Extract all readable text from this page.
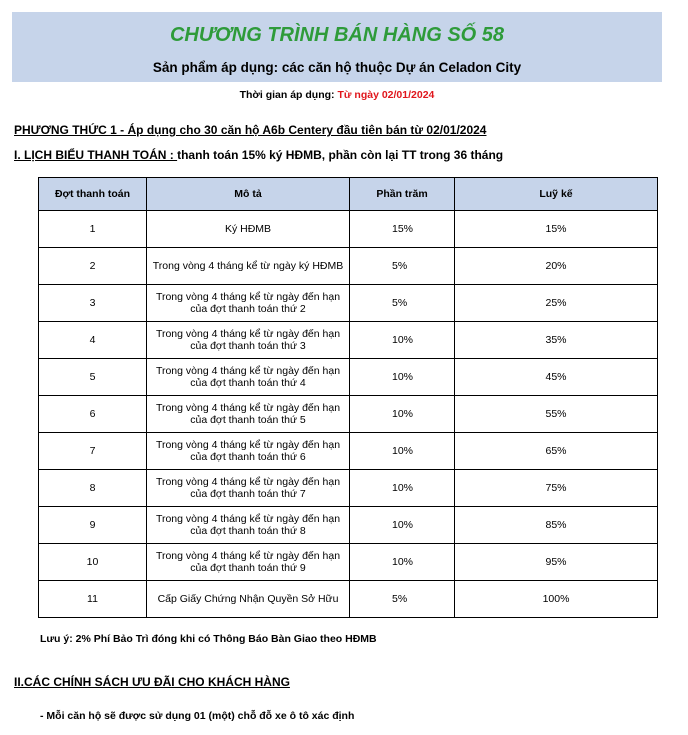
CHƯƠNG TRÌNH BÁN HÀNG SỐ 58
Sản phẩm áp dụng: các căn hộ thuộc Dự án Celadon City
Thời gian áp dụng: Từ ngày 02/01/2024
PHƯƠNG THỨC 1 - Áp dụng cho 30 căn hộ A6b Centery đầu tiên bán từ 02/01/2024
I. LỊCH BIỂU THANH TOÁN : thanh toán 15% ký HĐMB, phần còn lại TT trong 36 tháng
Đợt thanh toán	Mô tả	Phần trăm	Luỹ kế
1	Ký HĐMB	15%	15%
2	Trong vòng 4 tháng kể từ ngày ký HĐMB	5%	20%
3	Trong vòng 4 tháng kể từ ngày đến hạn
của đợt thanh toán thứ 2	5%	25%
4	Trong vòng 4 tháng kể từ ngày đến hạn
của đợt thanh toán thứ 3	10%	35%
5	Trong vòng 4 tháng kể từ ngày đến hạn
của đợt thanh toán thứ 4	10%	45%
6	Trong vòng 4 tháng kể từ ngày đến hạn
của đợt thanh toán thứ 5	10%	55%
7	Trong vòng 4 tháng kể từ ngày đến hạn
của đợt thanh toán thứ 6	10%	65%
8	Trong vòng 4 tháng kể từ ngày đến hạn
của đợt thanh toán thứ 7	10%	75%
9	Trong vòng 4 tháng kể từ ngày đến hạn
của đợt thanh toán thứ 8	10%	85%
10	Trong vòng 4 tháng kể từ ngày đến hạn
của đợt thanh toán thứ 9	10%	95%
11	Cấp Giấy Chứng Nhận Quyền Sở Hữu	5%	100%
Lưu ý: 2% Phí Bảo Trì đóng khi có Thông Báo Bàn Giao theo HĐMB
II.CÁC CHÍNH SÁCH ƯU ĐÃI CHO KHÁCH HÀNG
- Mỗi căn hộ sẽ được sử dụng 01 (một) chỗ đỗ xe ô tô xác định
